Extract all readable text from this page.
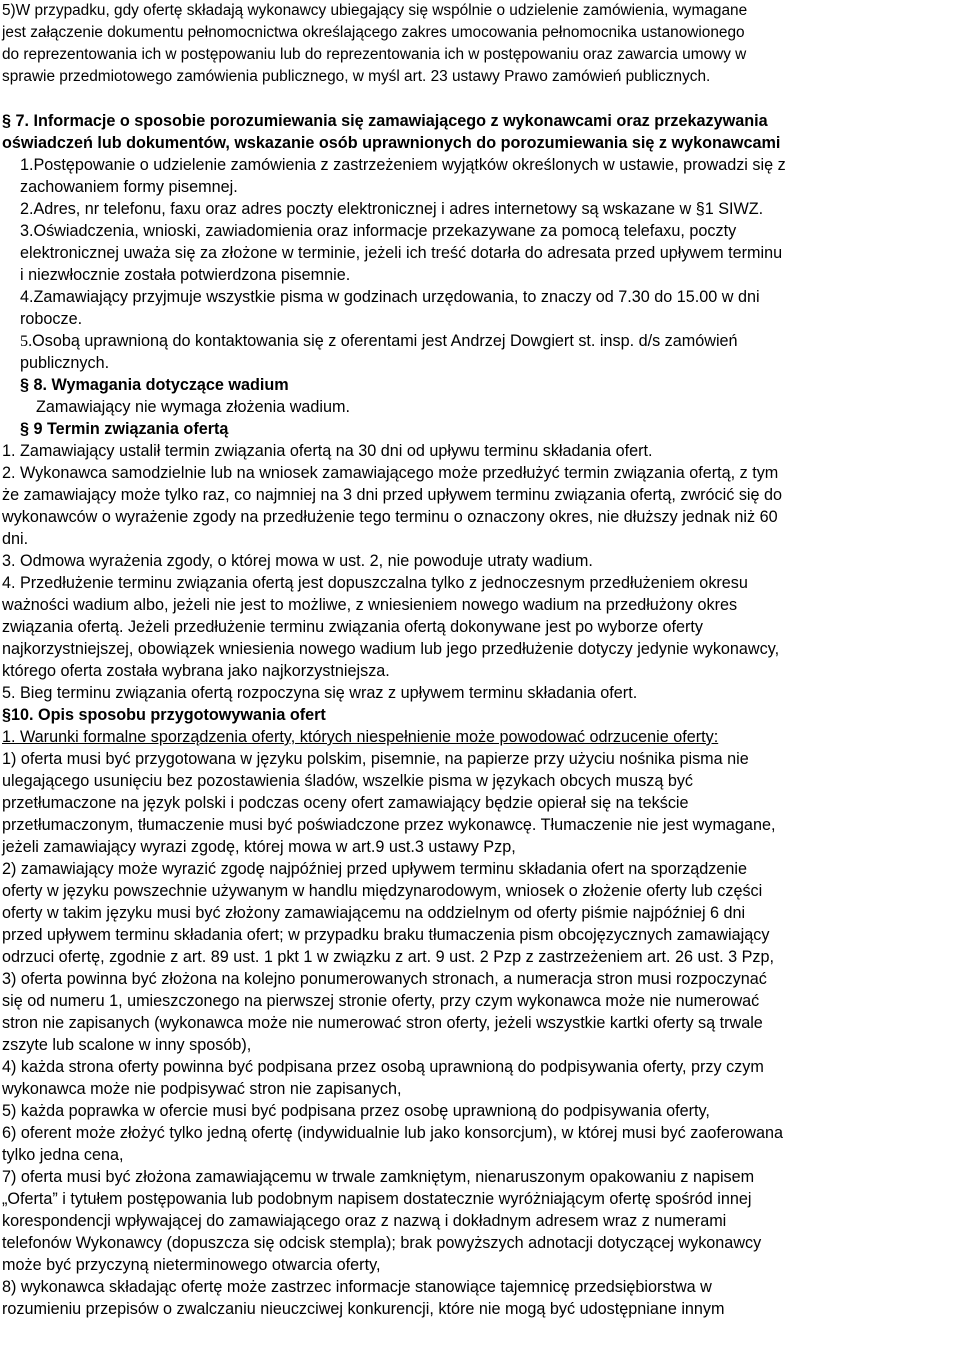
5)W przypadku, gdy ofertę składają wykonawcy ubiegający się wspólnie o udzielenie zamówienia, wymagane
jest załączenie dokumentu pełnomocnictwa określającego zakres umocowania pełnomocnika ustanowionego
do reprezentowania ich w postępowaniu lub do reprezentowania ich w postępowaniu oraz zawarcia umowy w
sprawie przedmiotowego zamówienia publicznego, w myśl art. 23 ustawy Prawo zamówień publicznych.
§ 7. Informacje o sposobie porozumiewania się zamawiającego z wykonawcami oraz przekazywania
oświadczeń lub dokumentów, wskazanie osób uprawnionych do porozumiewania się z wykonawcami
1.Postępowanie o udzielenie zamówienia z zastrzeżeniem wyjątków określonych w ustawie, prowadzi się z
zachowaniem formy pisemnej.
2.Adres, nr telefonu, faxu oraz adres poczty elektronicznej i adres internetowy są wskazane w §1 SIWZ.
3.Oświadczenia, wnioski, zawiadomienia oraz informacje przekazywane za pomocą telefaxu, poczty
elektronicznej uważa się za złożone w terminie, jeżeli ich treść dotarła do adresata przed upływem terminu
i niezwłocznie została potwierdzona pisemnie.
4.Zamawiający przyjmuje wszystkie pisma w godzinach urzędowania, to znaczy od 7.30 do 15.00 w dni
robocze.
5.Osobą uprawnioną do kontaktowania się z oferentami jest Andrzej Dowgiert st. insp. d/s zamówień
publicznych.
§ 8. Wymagania dotyczące wadium
Zamawiający nie wymaga złożenia wadium.
§ 9 Termin związania ofertą
1. Zamawiający ustalił termin związania ofertą na 30 dni od upływu terminu składania ofert.
2. Wykonawca samodzielnie lub na wniosek zamawiającego może przedłużyć termin związania ofertą, z tym
że zamawiający może tylko raz, co najmniej na 3 dni przed upływem terminu związania ofertą, zwrócić się do
wykonawców o wyrażenie zgody na przedłużenie tego terminu o oznaczony okres, nie dłuższy jednak niż 60
dni.
3. Odmowa wyrażenia zgody, o której mowa w ust. 2, nie powoduje utraty wadium.
4. Przedłużenie terminu związania ofertą jest dopuszczalna tylko z jednoczesnym przedłużeniem okresu
ważności wadium albo, jeżeli nie jest to możliwe, z wniesieniem nowego wadium na przedłużony okres
związania ofertą. Jeżeli przedłużenie terminu związania ofertą dokonywane jest po wyborze oferty
najkorzystniejszej, obowiązek wniesienia nowego wadium lub jego przedłużenie dotyczy jedynie wykonawcy,
którego oferta została wybrana jako najkorzystniejsza.
5. Bieg terminu związania ofertą rozpoczyna się wraz z upływem terminu składania ofert.
§10. Opis sposobu przygotowywania ofert
1. Warunki formalne sporządzenia oferty, których niespełnienie może powodować odrzucenie oferty:
1) oferta musi być przygotowana w języku polskim, pisemnie, na papierze przy użyciu nośnika pisma nie
ulegającego usunięciu bez pozostawienia śladów, wszelkie pisma w językach obcych muszą być
przetłumaczone na język polski i podczas oceny ofert zamawiający będzie opierał się na tekście
przetłumaczonym, tłumaczenie musi być poświadczone przez wykonawcę. Tłumaczenie nie jest wymagane,
jeżeli zamawiający wyrazi zgodę, której mowa w art.9 ust.3 ustawy Pzp,
2) zamawiający może wyrazić zgodę najpóźniej przed upływem terminu składania ofert na sporządzenie
oferty w języku powszechnie używanym w handlu międzynarodowym, wniosek o złożenie oferty lub części
oferty w takim języku musi być złożony zamawiającemu na oddzielnym od oferty piśmie najpóźniej 6 dni
przed upływem terminu składania ofert; w przypadku braku tłumaczenia pism obcojęzycznych zamawiający
odrzuci ofertę, zgodnie z art. 89 ust. 1 pkt 1 w związku z art. 9 ust. 2 Pzp z zastrzeżeniem art. 26 ust. 3 Pzp,
3) oferta powinna być złożona na kolejno ponumerowanych stronach, a numeracja stron musi rozpoczynać
się od numeru 1, umieszczonego na pierwszej stronie oferty, przy czym wykonawca może nie numerować
stron nie zapisanych (wykonawca może nie numerować stron oferty, jeżeli wszystkie kartki oferty są trwale
zszyte lub scalone w inny sposób),
4) każda strona oferty powinna być podpisana przez osobą uprawnioną do podpisywania oferty, przy czym
wykonawca może nie podpisywać stron nie zapisanych,
5) każda poprawka w ofercie musi być podpisana przez osobę uprawnioną do podpisywania oferty,
6) oferent może złożyć tylko jedną ofertę (indywidualnie lub jako konsorcjum), w której musi być zaoferowana
tylko jedna cena,
7) oferta musi być złożona zamawiającemu w trwale zamkniętym, nienaruszonym opakowaniu z napisem
„Oferta” i tytułem postępowania lub podobnym napisem dostatecznie wyróżniającym ofertę spośród innej
korespondencji wpływającej do zamawiającego oraz z nazwą i dokładnym adresem wraz z numerami
telefonów Wykonawcy (dopuszcza się odcisk stempla); brak powyższych adnotacji dotyczącej wykonawcy
może być przyczyną nieterminowego otwarcia oferty,
8) wykonawca składając ofertę może zastrzec informacje stanowiące tajemnicę przedsiębiorstwa w
rozumieniu przepisów o zwalczaniu nieuczciwej konkurencji, które nie mogą być udostępniane innym
